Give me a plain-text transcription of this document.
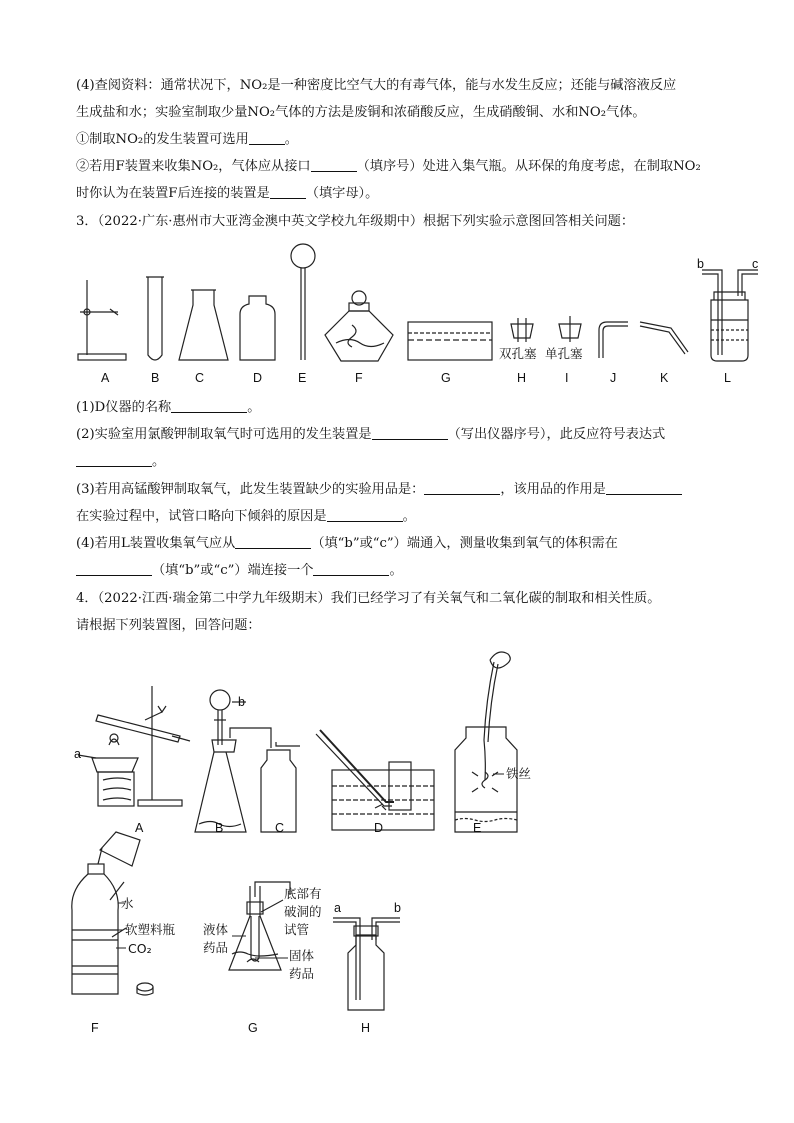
(4)查阅资料：通常状况下，NO₂是一种密度比空气大的有毒气体，能与水发生反应；还能与碱溶液反应
生成盐和水；实验室制取少量NO₂气体的方法是废铜和浓硝酸反应，生成硝酸铜、水和NO₂气体。
①制取NO₂的发生装置可选用	。
②若用F装置来收集NO₂，气体应从接口	（填序号）处进入集气瓶。从环保的角度考虑，在制取NO₂
时你认为在装置F后连接的装置是	（填字母）。
3．（2022·广东·惠州市大亚湾金澳中英文学校九年级期中）根据下列实验示意图回答相关问题：
A	B	C	D	E	F	G	H	I	J	K	L
双孔塞 单孔塞
b	c
(1)D仪器的名称	。
(2)实验室用氯酸钾制取氧气时可选用的发生装置是	（写出仪器序号），此反应符号表达式
。
(3)若用高锰酸钾制取氧气，此发生装置缺少的实验用品是：	，该用品的作用是
在实验过程中，试管口略向下倾斜的原因是	。
(4)若用L装置收集氧气应从	（填“b”或“c”）端通入，测量收集到氧气的体积需在
（填“b”或“c”）端连接一个	。
4．（2022·江西·瑞金第二中学九年级期末）我们已经学习了有关氧气和二氧化碳的制取和相关性质。
请根据下列装置图，回答问题：
A	B	C	D	E
F	G	H
a
b
铁丝
水
软塑料瓶
CO₂
液体
药品
底部有
破洞的
试管
固体
药品
a	b
